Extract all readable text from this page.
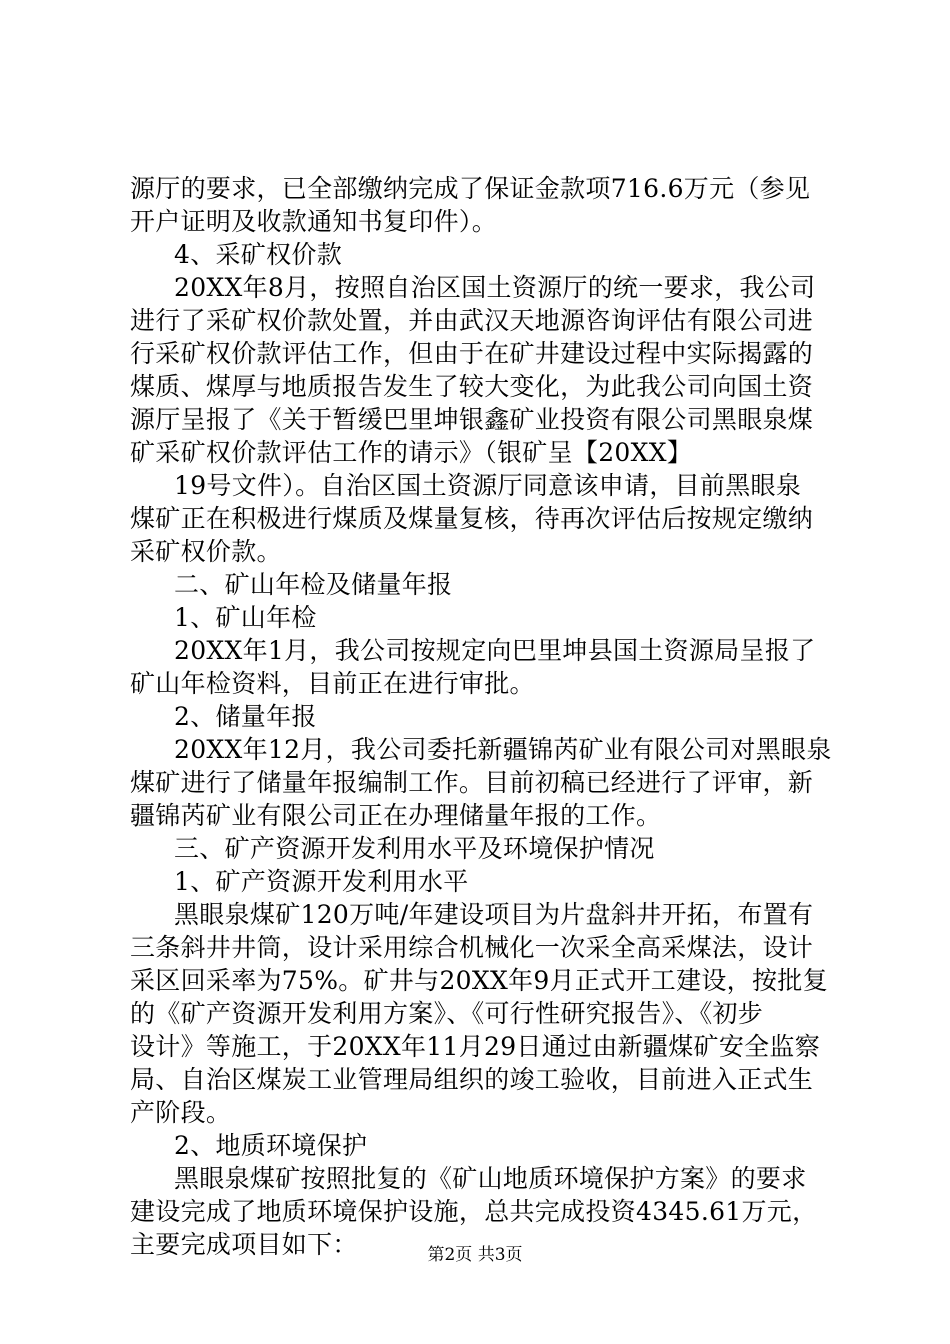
源厅的要求，已全部缴纳完成了保证金款项716.6万元（参见
开户证明及收款通知书复印件）。
4、采矿权价款
20XX年8月，按照自治区国土资源厅的统一要求，我公司
进行了采矿权价款处置，并由武汉天地源咨询评估有限公司进
行采矿权价款评估工作，但由于在矿井建设过程中实际揭露的
煤质、煤厚与地质报告发生了较大变化，为此我公司向国土资
源厅呈报了《关于暂缓巴里坤银鑫矿业投资有限公司黑眼泉煤
矿采矿权价款评估工作的请示》（银矿呈【20XX】
19号文件）。自治区国土资源厅同意该申请，目前黑眼泉
煤矿正在积极进行煤质及煤量复核，待再次评估后按规定缴纳
采矿权价款。
二、矿山年检及储量年报
1、矿山年检
20XX年1月，我公司按规定向巴里坤县国土资源局呈报了
矿山年检资料，目前正在进行审批。
2、储量年报
20XX年12月，我公司委托新疆锦芮矿业有限公司对黑眼泉
煤矿进行了储量年报编制工作。目前初稿已经进行了评审，新
疆锦芮矿业有限公司正在办理储量年报的工作。
三、矿产资源开发利用水平及环境保护情况
1、矿产资源开发利用水平
黑眼泉煤矿120万吨/年建设项目为片盘斜井开拓，布置有
三条斜井井筒，设计采用综合机械化一次采全高采煤法，设计
采区回采率为75%。矿井与20XX年9月正式开工建设，按批复
的《矿产资源开发利用方案》、《可行性研究报告》、《初步
设计》等施工，于20XX年11月29日通过由新疆煤矿安全监察
局、自治区煤炭工业管理局组织的竣工验收，目前进入正式生
产阶段。
2、地质环境保护
黑眼泉煤矿按照批复的《矿山地质环境保护方案》的要求
建设完成了地质环境保护设施，总共完成投资4345.61万元，
主要完成项目如下：	第2页 共3页
